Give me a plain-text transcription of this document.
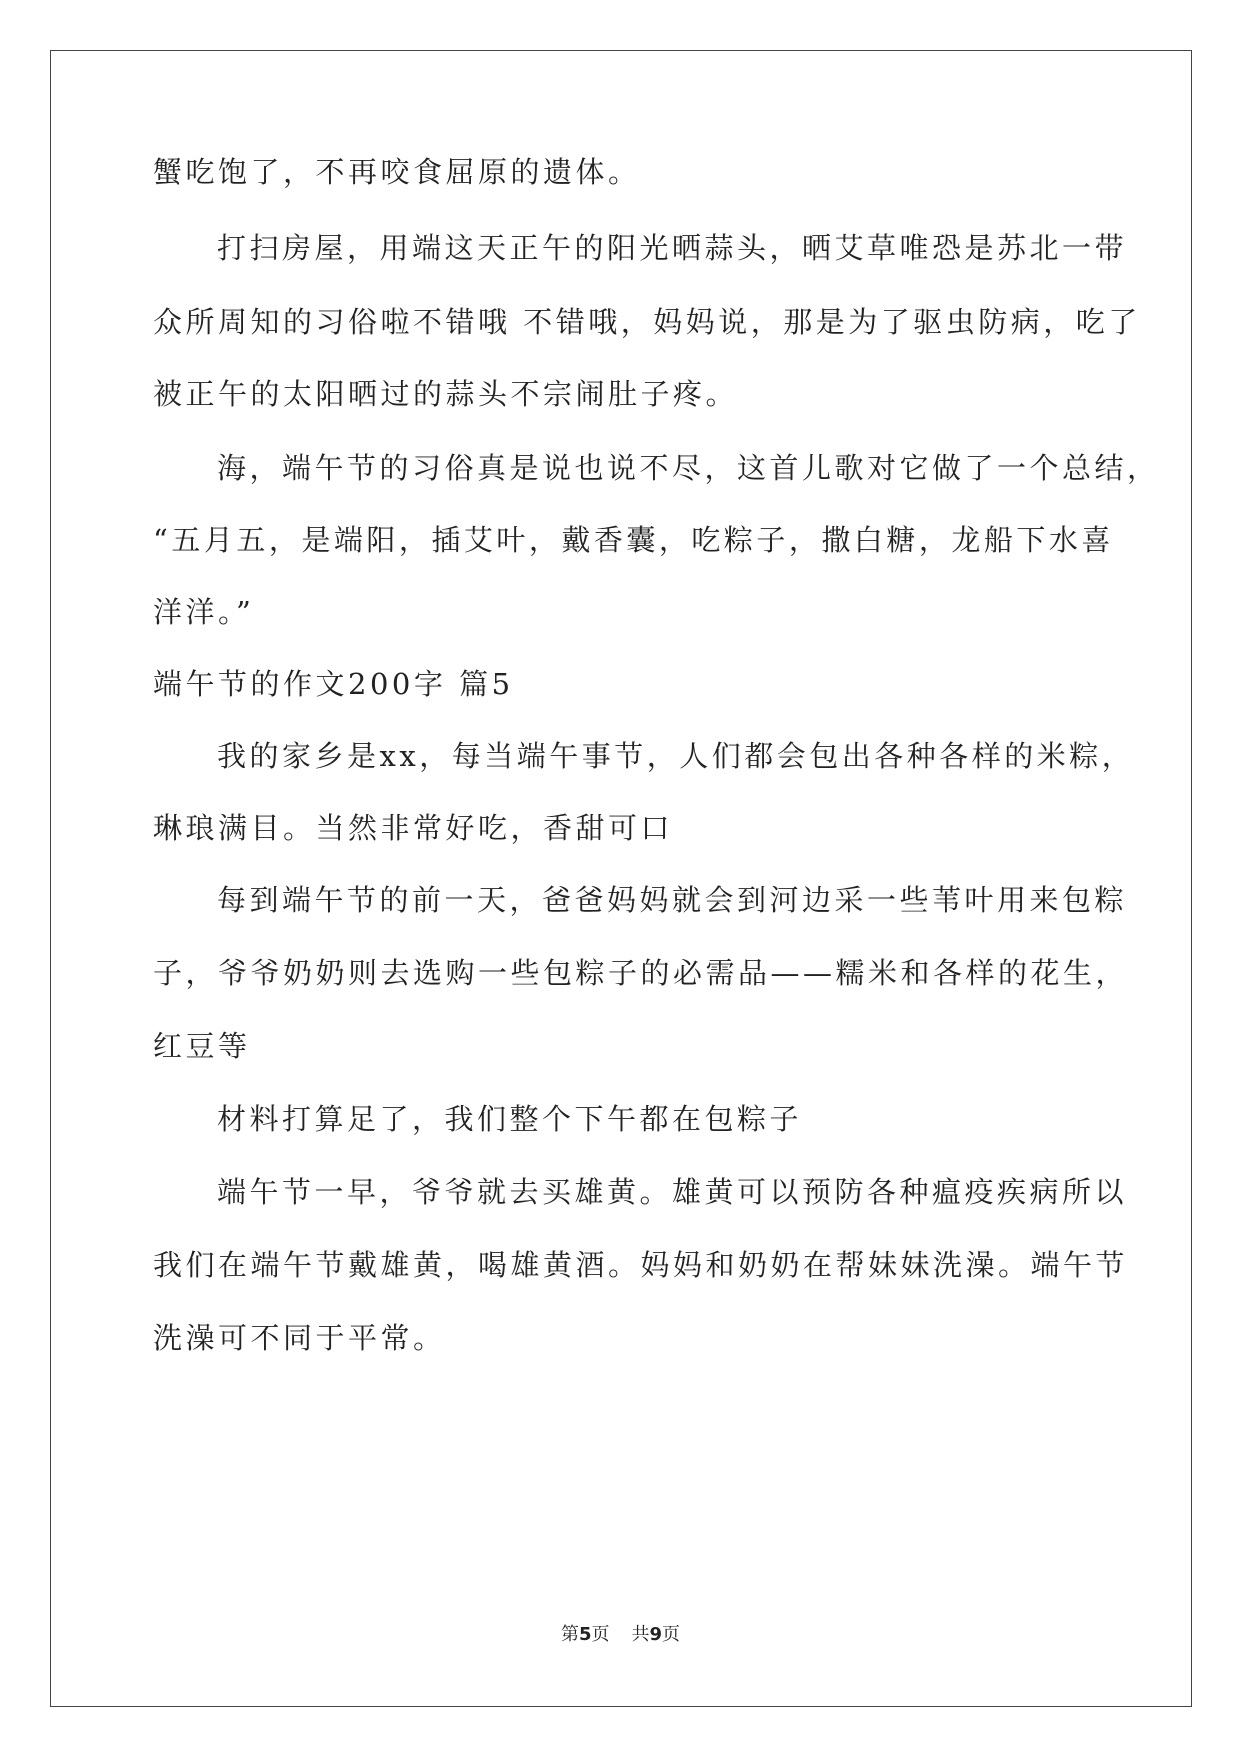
蟹吃饱了，不再咬食屈原的遗体。
打扫房屋，用端这天正午的阳光晒蒜头，晒艾草唯恐是苏北一带
众所周知的习俗啦不错哦 不错哦，妈妈说，那是为了驱虫防病，吃了
被正午的太阳晒过的蒜头不宗闹肚子疼。
海，端午节的习俗真是说也说不尽，这首儿歌对它做了一个总结，
“五月五，是端阳，插艾叶，戴香囊，吃粽子，撒白糖，龙船下水喜
洋洋。”
端午节的作文200字 篇5
我的家乡是xx，每当端午事节，人们都会包出各种各样的米粽，
琳琅满目。当然非常好吃，香甜可口
每到端午节的前一天，爸爸妈妈就会到河边采一些苇叶用来包粽
子，爷爷奶奶则去选购一些包粽子的必需品——糯米和各样的花生，
红豆等
材料打算足了，我们整个下午都在包粽子
端午节一早，爷爷就去买雄黄。雄黄可以预防各种瘟疫疾病所以
我们在端午节戴雄黄，喝雄黄酒。妈妈和奶奶在帮妹妹洗澡。端午节
洗澡可不同于平常。
第5页 共9页
